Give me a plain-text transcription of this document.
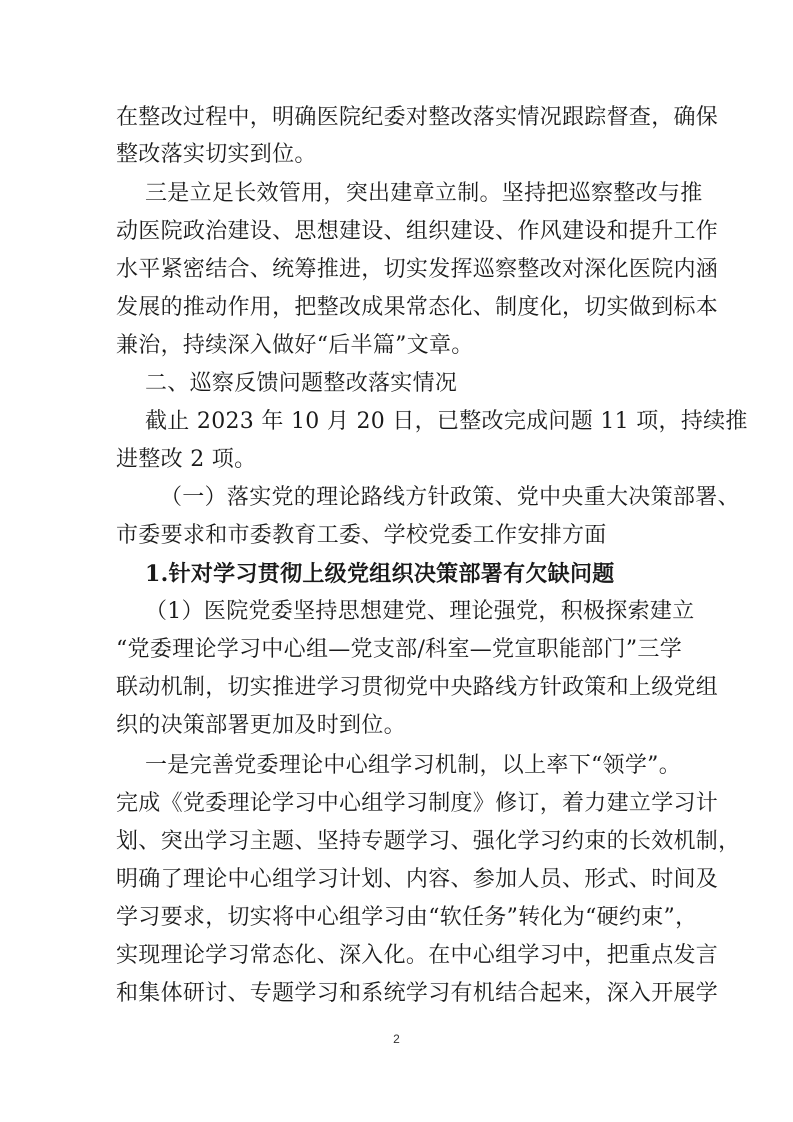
在整改过程中，明确医院纪委对整改落实情况跟踪督查，确保
整改落实切实到位。
三是立足长效管用，突出建章立制。坚持把巡察整改与推
动医院政治建设、思想建设、组织建设、作风建设和提升工作
水平紧密结合、统筹推进，切实发挥巡察整改对深化医院内涵
发展的推动作用，把整改成果常态化、制度化，切实做到标本
兼治，持续深入做好“后半篇”文章。
二、巡察反馈问题整改落实情况
截止 2023 年 10 月 20 日，已整改完成问题 11 项，持续推
进整改 2 项。
（一）落实党的理论路线方针政策、党中央重大决策部署、
市委要求和市委教育工委、学校党委工作安排方面
1.针对学习贯彻上级党组织决策部署有欠缺问题
（1）医院党委坚持思想建党、理论强党，积极探索建立
“党委理论学习中心组—党支部/科室—党宣职能部门”三学
联动机制，切实推进学习贯彻党中央路线方针政策和上级党组
织的决策部署更加及时到位。
一是完善党委理论中心组学习机制，以上率下“领学”。
完成《党委理论学习中心组学习制度》修订，着力建立学习计
划、突出学习主题、坚持专题学习、强化学习约束的长效机制，
明确了理论中心组学习计划、内容、参加人员、形式、时间及
学习要求，切实将中心组学习由“软任务”转化为“硬约束”，
实现理论学习常态化、深入化。在中心组学习中，把重点发言
和集体研讨、专题学习和系统学习有机结合起来，深入开展学
2
